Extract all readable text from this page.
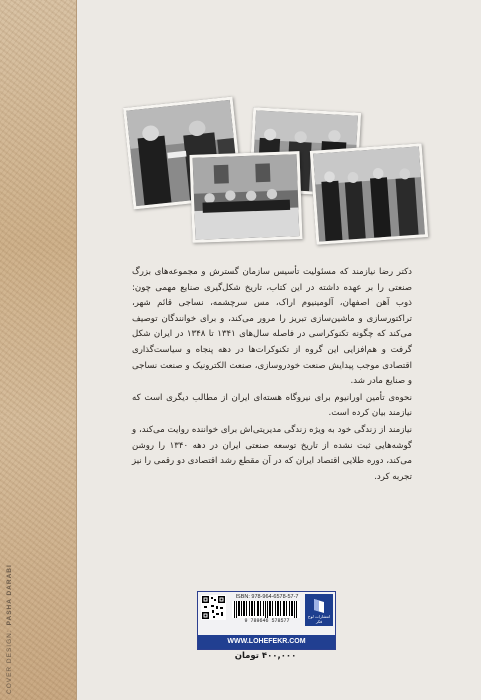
COVER DESIGN:PASHA DARABI

دکتر رضا نیازمند که مسئولیت تأسیس سازمان گسترش و مجموعه‌های بزرگ صنعتی را بر عهده داشته در این کتاب، تاریخ شکل‌گیری صنایع مهمی چون: ذوب آهن اصفهان، آلومینیوم اراک، مس سرچشمه، نساجی قائم شهر، تراکتورسازی و ماشین‌سازی تبریز را مرور می‌کند، و برای خوانندگان توصیف می‌کند که چگونه تکنوکراسی در فاصله سال‌های ۱۳۴۱ تا ۱۳۴۸ در ایران شکل گرفت و هم‌افزایی این گروه از تکنوکرات‌ها در دهه پنجاه و سیاست‌گذاری اقتصادی موجب پیدایش صنعت خودروسازی، صنعت الکترونیک و صنعت نساجی و صنایع مادر شد.

نحوه‌ی تأمین اورانیوم برای نیروگاه هسته‌ای ایران از مطالب دیگری است که نیازمند بیان کرده است.

نیازمند از زندگی خود به ویژه زندگی مدیریتی‌اش برای خواننده روایت می‌کند، و گوشه‌هایی ثبت نشده از تاریخ توسعه صنعتی ایران در دهه ۱۳۴۰ را روشن می‌کند، دوره طلایی اقتصاد ایران که در آن مقطع رشد اقتصادی دو رقمی را نیز تجربه کرد.

ISBN: 978-964-6578-57-7
9 789646 578577
انتشارات لوح فکر
WWW.LOHEFEKR.COM
۴۰۰,۰۰۰ تومان
